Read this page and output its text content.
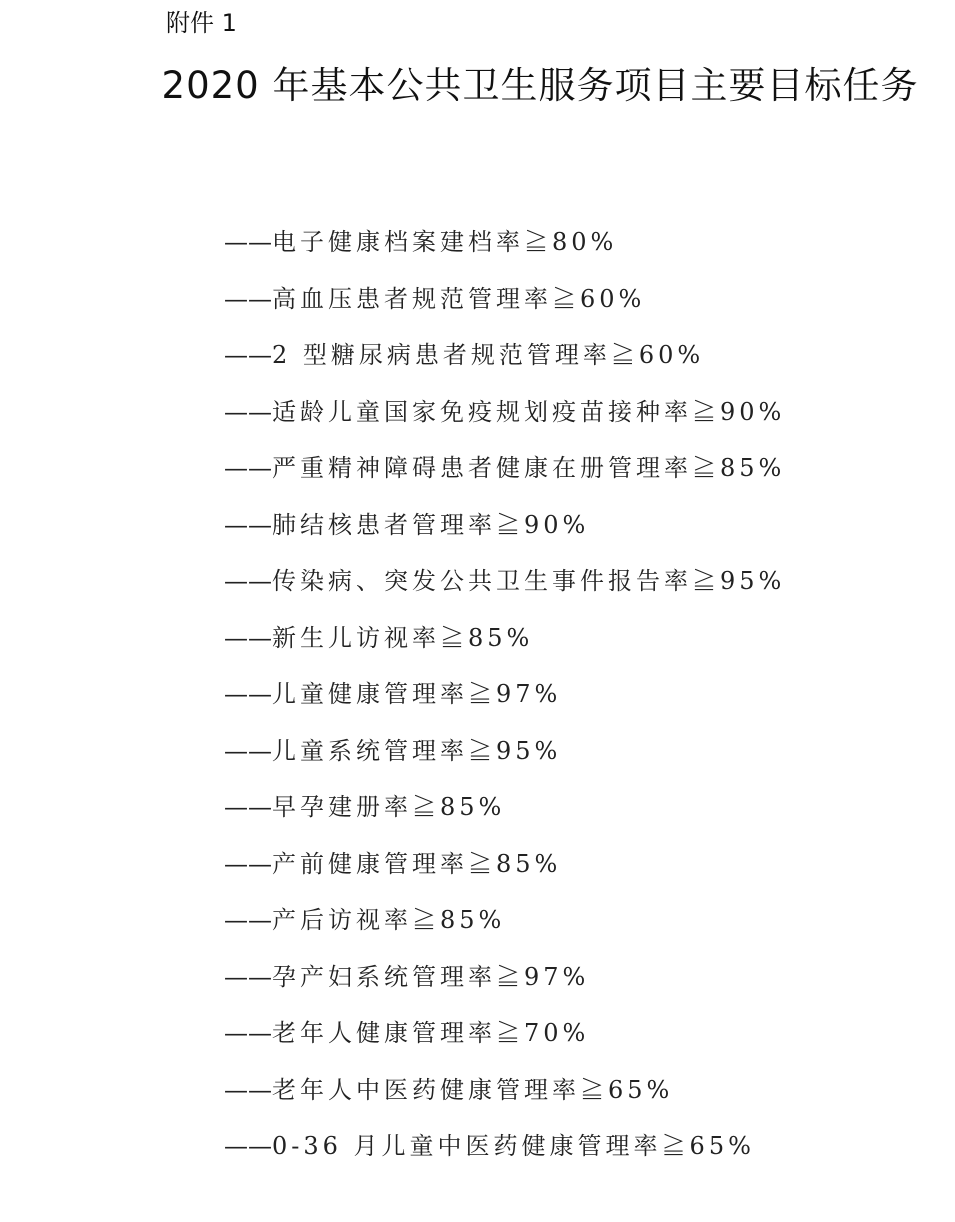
附件 1
2020 年基本公共卫生服务项目主要目标任务
——电子健康档案建档率≧80%
——高血压患者规范管理率≧60%
——2 型糖尿病患者规范管理率≧60%
——适龄儿童国家免疫规划疫苗接种率≧90%
——严重精神障碍患者健康在册管理率≧85%
——肺结核患者管理率≧90%
——传染病、突发公共卫生事件报告率≧95%
——新生儿访视率≧85%
——儿童健康管理率≧97%
——儿童系统管理率≧95%
——早孕建册率≧85%
——产前健康管理率≧85%
——产后访视率≧85%
——孕产妇系统管理率≧97%
——老年人健康管理率≧70%
——老年人中医药健康管理率≧65%
——0-36 月儿童中医药健康管理率≧65%
